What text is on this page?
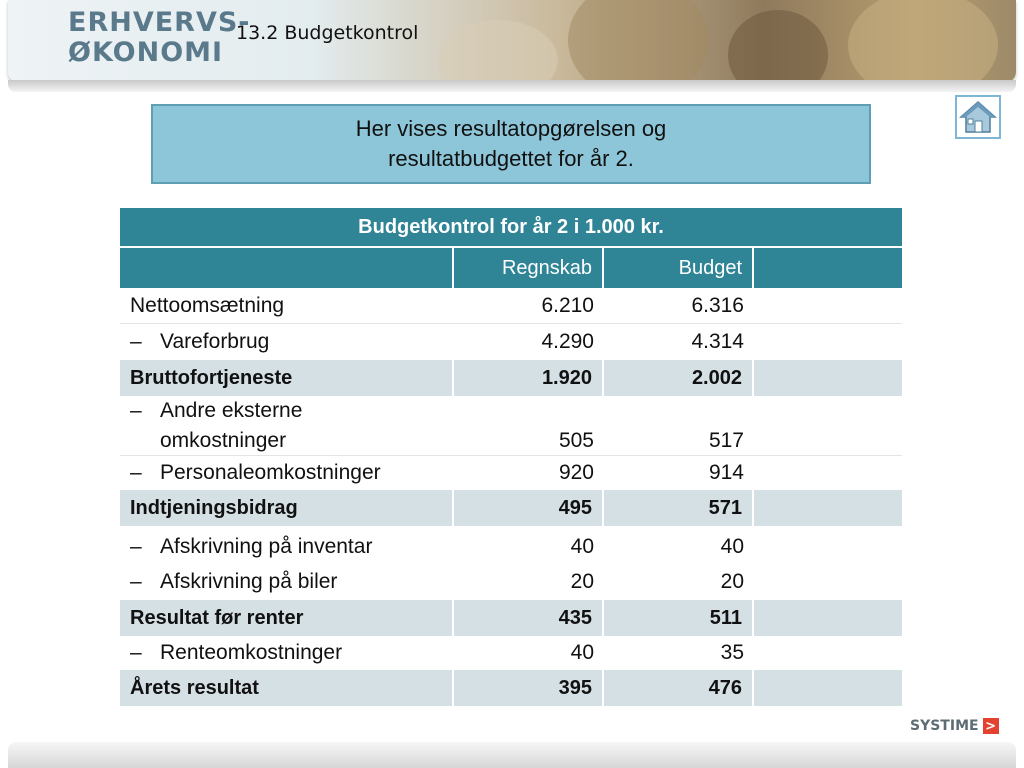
ERHVERVS-
ØKONOMI
13.2 Budgetkontrol
Her vises resultatopgørelsen og
resultatbudgettet for år 2.
Budgetkontrol for år 2 i 1.000 kr.
Regnskab	Budget
Nettoomsætning	6.210	6.316
– Vareforbrug	4.290	4.314
Bruttofortjeneste	1.920	2.002
– Andre eksterne
omkostninger	505	517
– Personaleomkostninger	920	914
Indtjeningsbidrag	495	571
– Afskrivning på inventar	40	40
– Afskrivning på biler	20	20
Resultat før renter	435	511
– Renteomkostninger	40	35
Årets resultat	395	476
SYSTIME >
